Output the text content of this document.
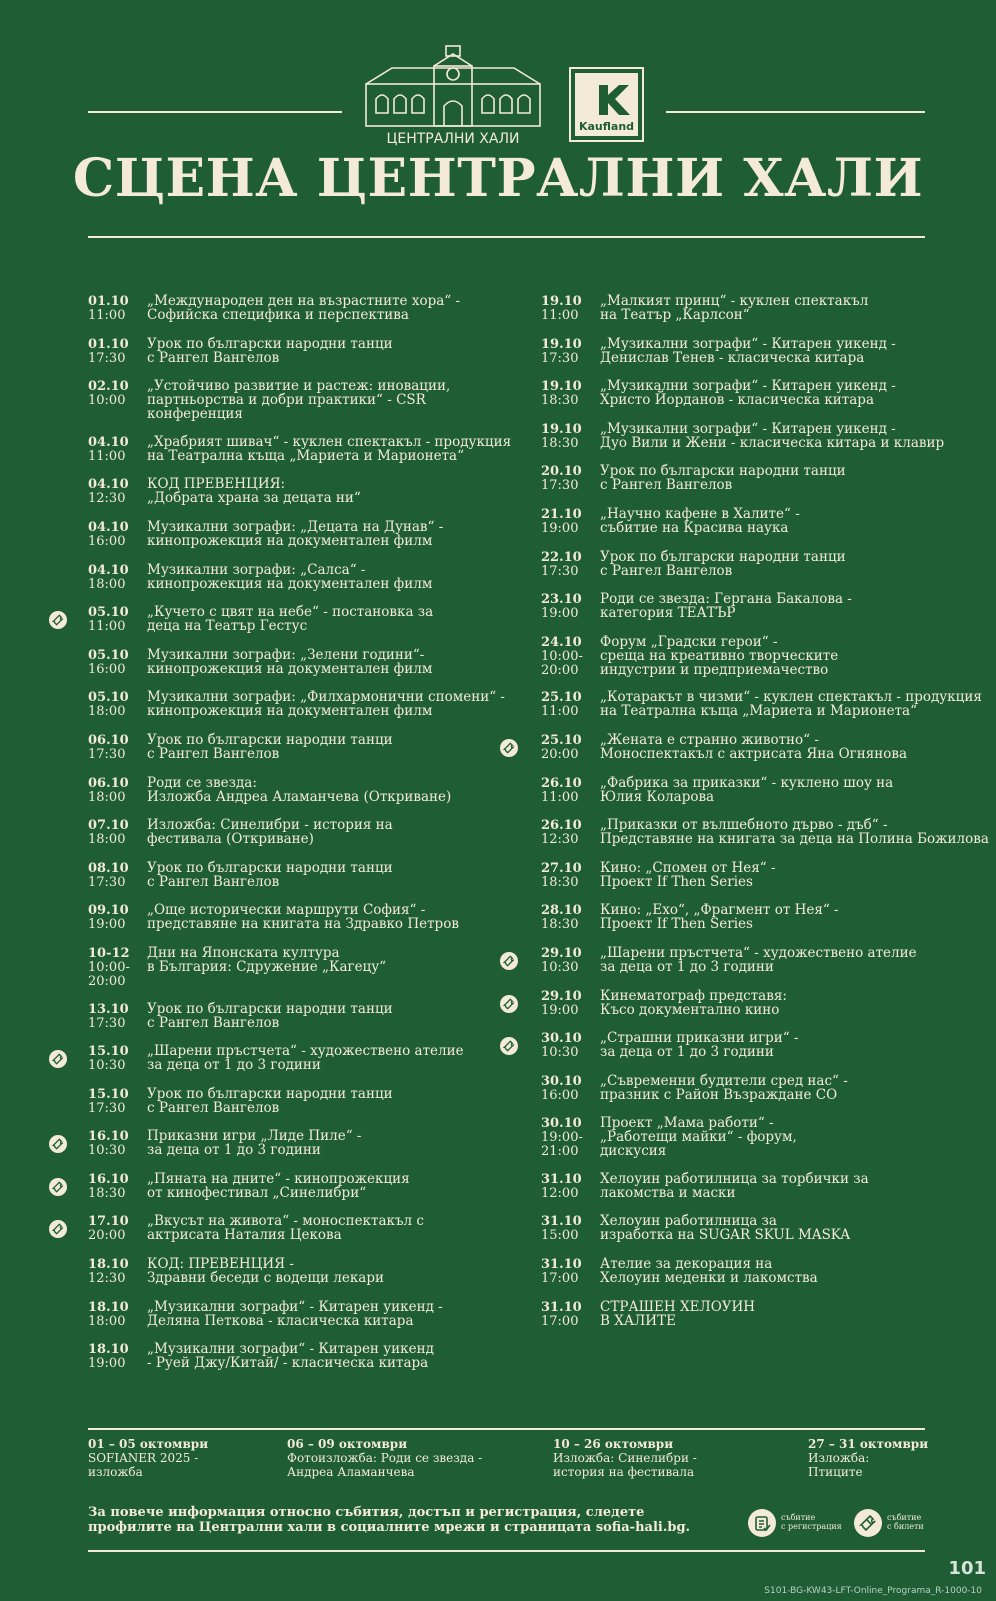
ЦЕНТРАЛНИ ХАЛИ
Kaufland
СЦЕНА ЦЕНТРАЛНИ ХАЛИ
01.10
11:00
„Международен ден на възрастните хора“ -
Софийска специфика и перспектива
01.10
17:30
Урок по български народни танци
с Рангел Вангелов
02.10
10:00
„Устойчиво развитие и растеж: иновации,
партньорства и добри практики“ - CSR
конференция
04.10
11:00
„Храбрият шивач“ - куклен спектакъл - продукция
на Театрална къща „Мариета и Марионета“
04.10
12:30
КОД ПРЕВЕНЦИЯ:
„Добрата храна за децата ни“
04.10
16:00
Музикални зографи: „Децата на Дунав“ -
кинопрожекция на документален филм
04.10
18:00
Музикални зографи: „Салса“ -
кинопрожекция на документален филм
05.10
11:00
„Кучето с цвят на небе“ - постановка за
деца на Театър Гестус
05.10
16:00
Музикални зографи: „Зелени години“-
кинопрожекция на документален филм
05.10
18:00
Музикални зографи: „Филхармонични спомени“ -
кинопрожекция на документален филм
06.10
17:30
Урок по български народни танци
с Рангел Вангелов
06.10
18:00
Роди се звезда:
Изложба Андреа Аламанчева (Откриване)
07.10
18:00
Изложба: Синелибри - история на
фестивала (Откриване)
08.10
17:30
Урок по български народни танци
с Рангел Вангелов
09.10
19:00
„Още исторически маршрути София“ -
представяне на книгата на Здравко Петров
10-12
10:00-
20:00
Дни на Японската култура
в България: Сдружение „Кагецу“
13.10
17:30
Урок по български народни танци
с Рангел Вангелов
15.10
10:30
„Шарени пръстчета“ - художествено ателие
за деца от 1 до 3 години
15.10
17:30
Урок по български народни танци
с Рангел Вангелов
16.10
10:30
Приказни игри „Лиде Пиле“ -
за деца от 1 до 3 години
16.10
18:30
„Пяната на дните“ - кинопрожекция
от кинофестивал „Синелибри“
17.10
20:00
„Вкусът на живота“ - моноспектакъл с
актрисата Наталия Цекова
18.10
12:30
КОД: ПРЕВЕНЦИЯ -
Здравни беседи с водещи лекари
18.10
18:00
„Музикални зографи“ - Китарен уикенд -
Деляна Петкова - класическа китара
18.10
19:00
„Музикални зографи“ - Китарен уикенд
- Руей Джу/Китай/ - класическа китара
19.10
11:00
„Малкият принц“ - куклен спектакъл
на Театър „Карлсон“
19.10
17:30
„Музикални зографи“ - Китарен уикенд -
Денислав Тенев - класическа китара
19.10
18:30
„Музикални зографи“ - Китарен уикенд -
Христо Йорданов - класическа китара
19.10
18:30
„Музикални зографи“ - Китарен уикенд -
Дуо Вили и Жени - класическа китара и клавир
20.10
17:30
Урок по български народни танци
с Рангел Вангелов
21.10
19:00
„Научно кафене в Халите“ -
събитие на Красива наука
22.10
17:30
Урок по български народни танци
с Рангел Вангелов
23.10
19:00
Роди се звезда: Гергана Бакалова -
категория ТЕАТЪР
24.10
10:00-
20:00
Форум „Градски герои“ -
среща на креативно творческите
индустрии и предприемачество
25.10
11:00
„Котаракът в чизми“ - куклен спектакъл - продукция
на Театрална къща „Мариета и Марионета“
25.10
20:00
„Жената е странно животно“ -
Моноспектакъл с актрисата Яна Огнянова
26.10
11:00
„Фабрика за приказки“ - куклено шоу на
Юлия Коларова
26.10
12:30
„Приказки от вълшебното дърво - дъб“ -
Представяне на книгата за деца на Полина Божилова
27.10
18:30
Кино: „Спомен от Нея“ -
Проект If Then Series
28.10
18:30
Кино: „Ехо“, „Фрагмент от Нея“ -
Проект If Then Series
29.10
10:30
„Шарени пръстчета“ - художествено ателие
за деца от 1 до 3 години
29.10
19:00
Кинематограф представя:
Късо документално кино
30.10
10:30
„Страшни приказни игри“ -
за деца от 1 до 3 години
30.10
16:00
„Съвременни будители сред нас“ -
празник с Район Възраждане СО
30.10
19:00-
21:00
Проект „Мама работи“ -
„Работещи майки“ - форум,
дискусия
31.10
12:00
Хелоуин работилница за торбички за
лакомства и маски
31.10
15:00
Хелоуин работилница за
изработка на SUGAR SKUL MASKA
31.10
17:00
Ателие за декорация на
Хелоуин меденки и лакомства
31.10
17:00
СТРАШЕН ХЕЛОУИН
В ХАЛИТЕ
01 – 05 октомври
SOFIANER 2025 -
изложба
06 – 09 октомври
Фотоизложба: Роди се звезда -
Андреа Аламанчева
10 – 26 октомври
Изложба: Синелибри -
история на фестивала
27 – 31 октомври
Изложба:
Птиците
За повече информация относно събития, достъп и регистрация, следете
профилите на Централни хали в социалните мрежи и страницата sofia-hali.bg.
събитие
с регистрация
събитие
с билети
101
S101-BG-KW43-LFT-Online_Programa_R-1000-10
